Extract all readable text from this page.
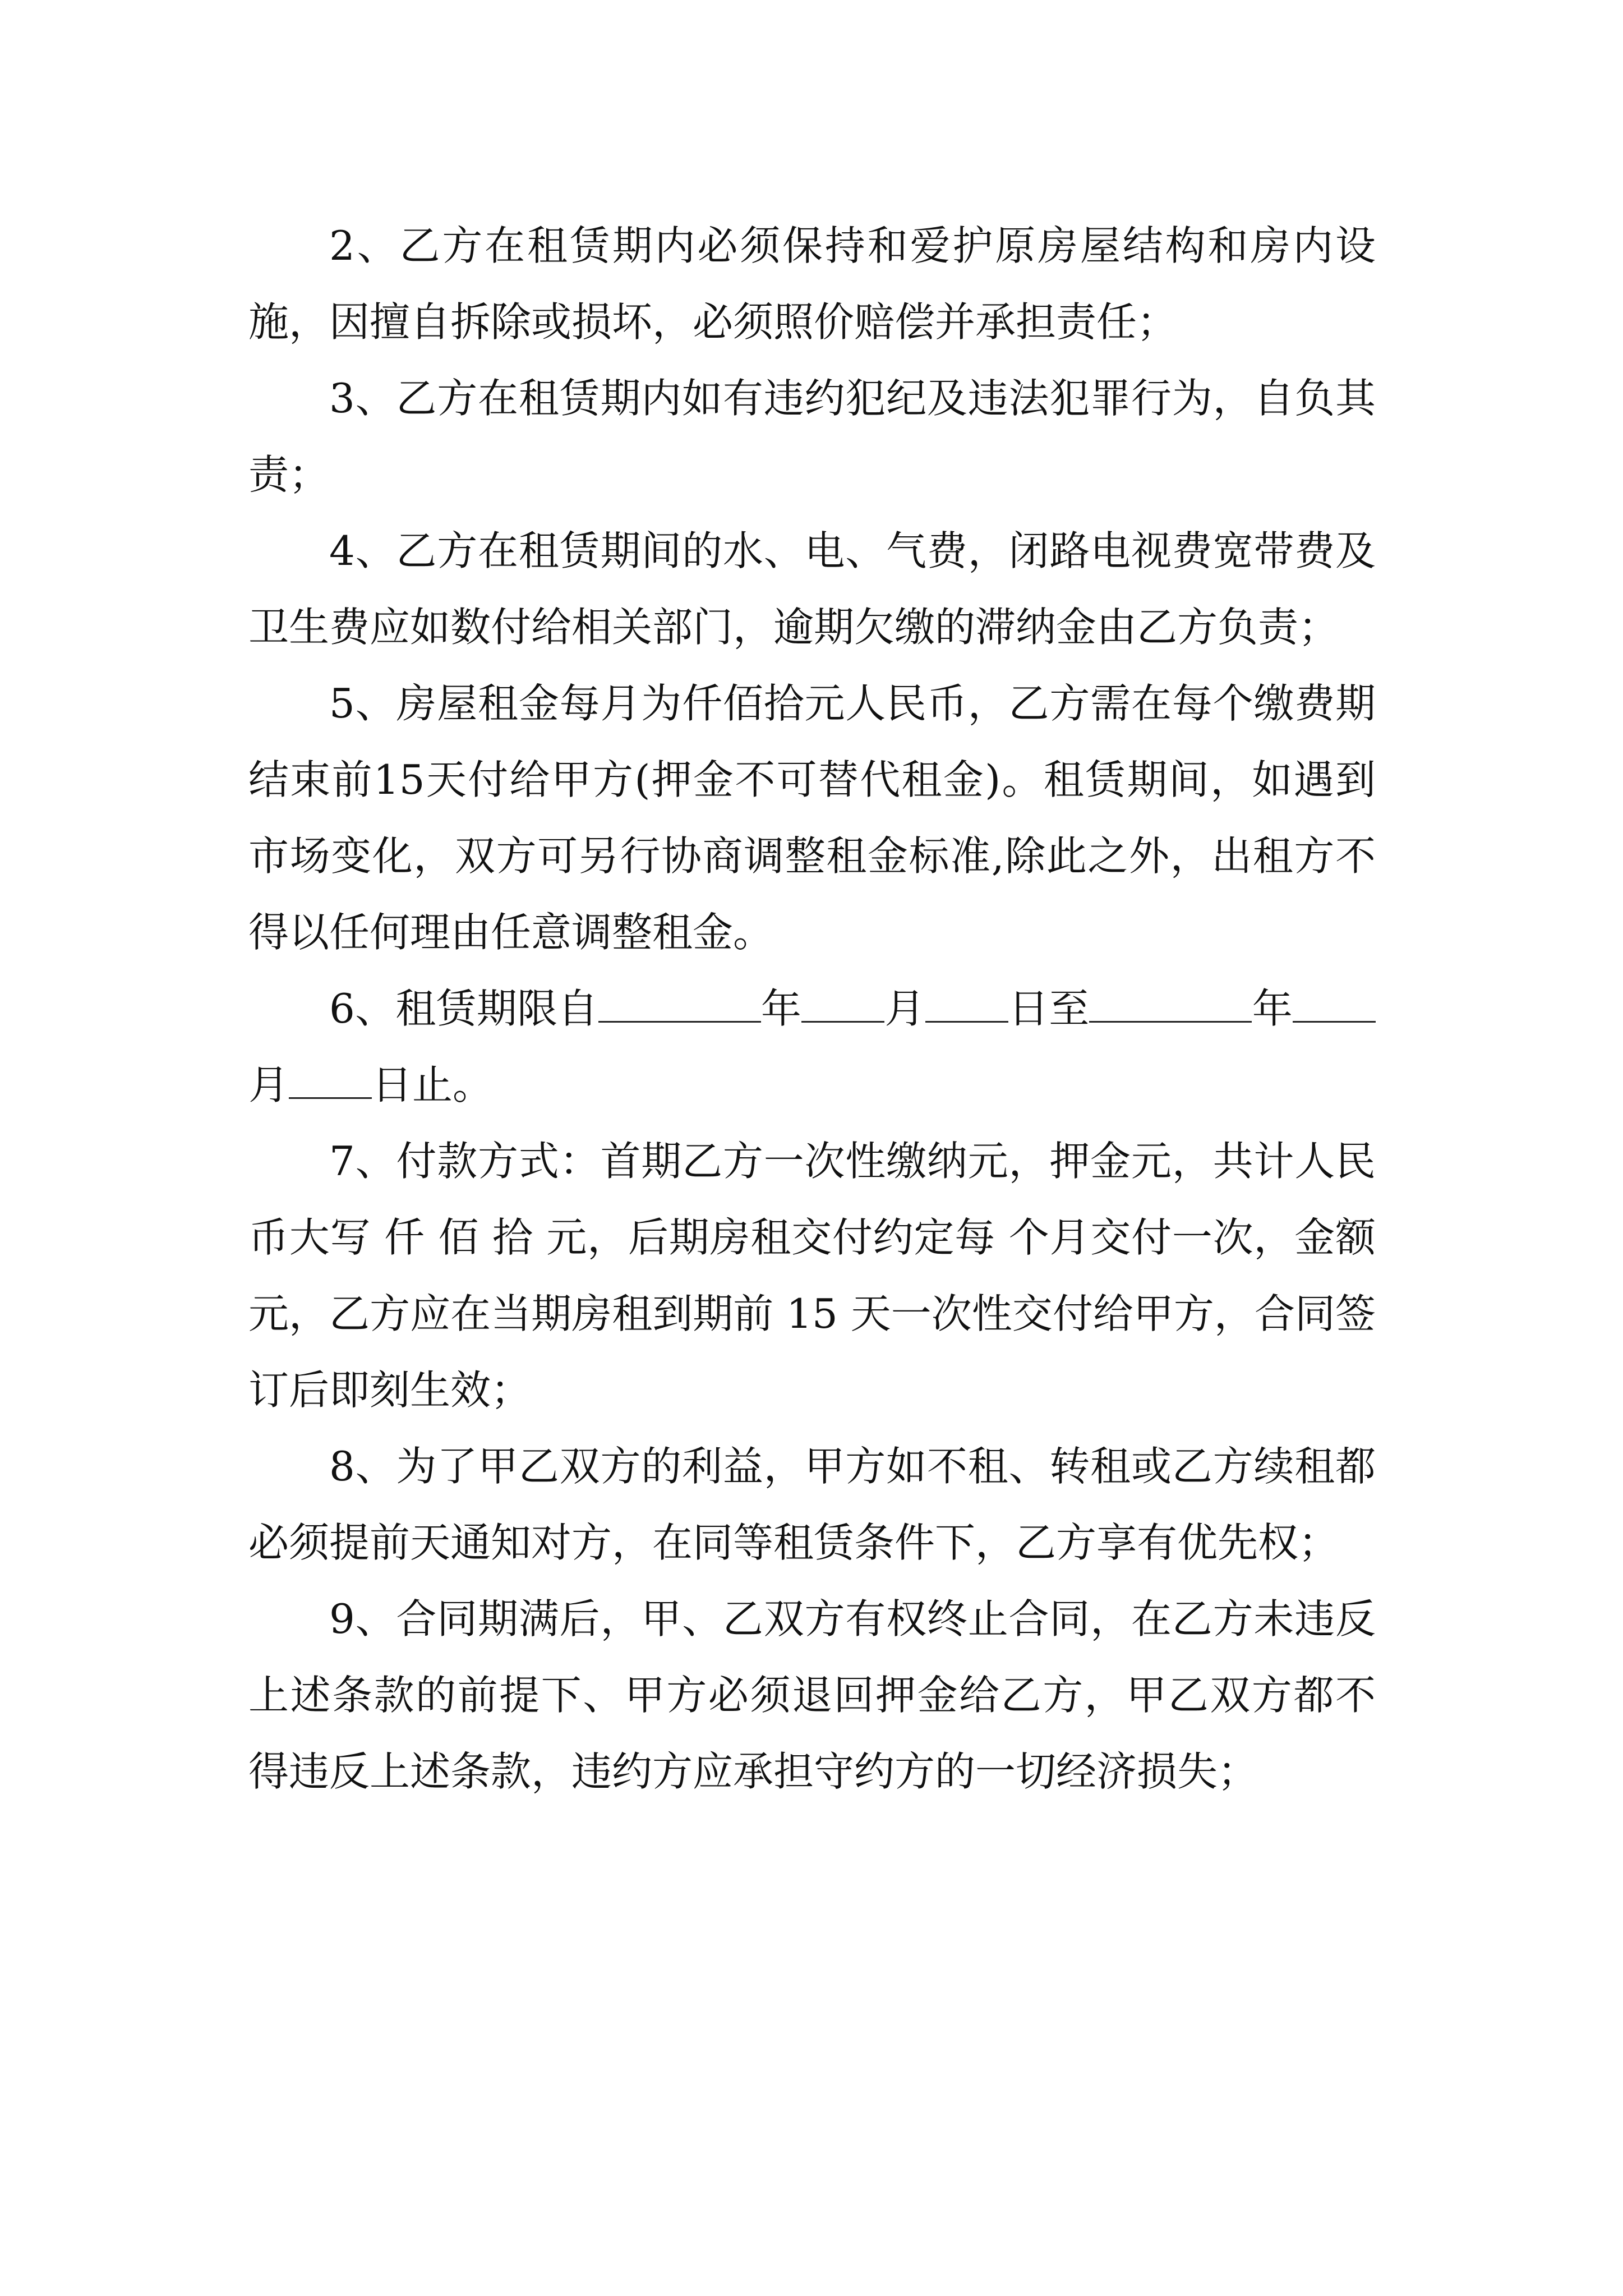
2、乙方在租赁期内必须保持和爱护原房屋结构和房内设施，因擅自拆除或损坏，必须照价赔偿并承担责任；

3、乙方在租赁期内如有违约犯纪及违法犯罪行为，自负其责；

4、乙方在租赁期间的水、电、气费，闭路电视费宽带费及卫生费应如数付给相关部门，逾期欠缴的滞纳金由乙方负责；

5、房屋租金每月为仟佰拾元人民币，乙方需在每个缴费期结束前15天付给甲方(押金不可替代租金)。租赁期间，如遇到市场变化，双方可另行协商调整租金标准,除此之外，出租方不得以任何理由任意调整租金。

6、租赁期限自	年 月 日至	年月 日止。

7、付款方式：首期乙方一次性缴纳元，押金元，共计人民币大写 仟 佰 拾 元，后期房租交付约定每 个月交付一次，金额 元，乙方应在当期房租到期前 15 天一次性交付给甲方，合同签订后即刻生效；

8、为了甲乙双方的利益，甲方如不租、转租或乙方续租都必须提前天通知对方，在同等租赁条件下，乙方享有优先权；

9、合同期满后，甲、乙双方有权终止合同，在乙方未违反上述条款的前提下、甲方必须退回押金给乙方，甲乙双方都不得违反上述条款，违约方应承担守约方的一切经济损失；
